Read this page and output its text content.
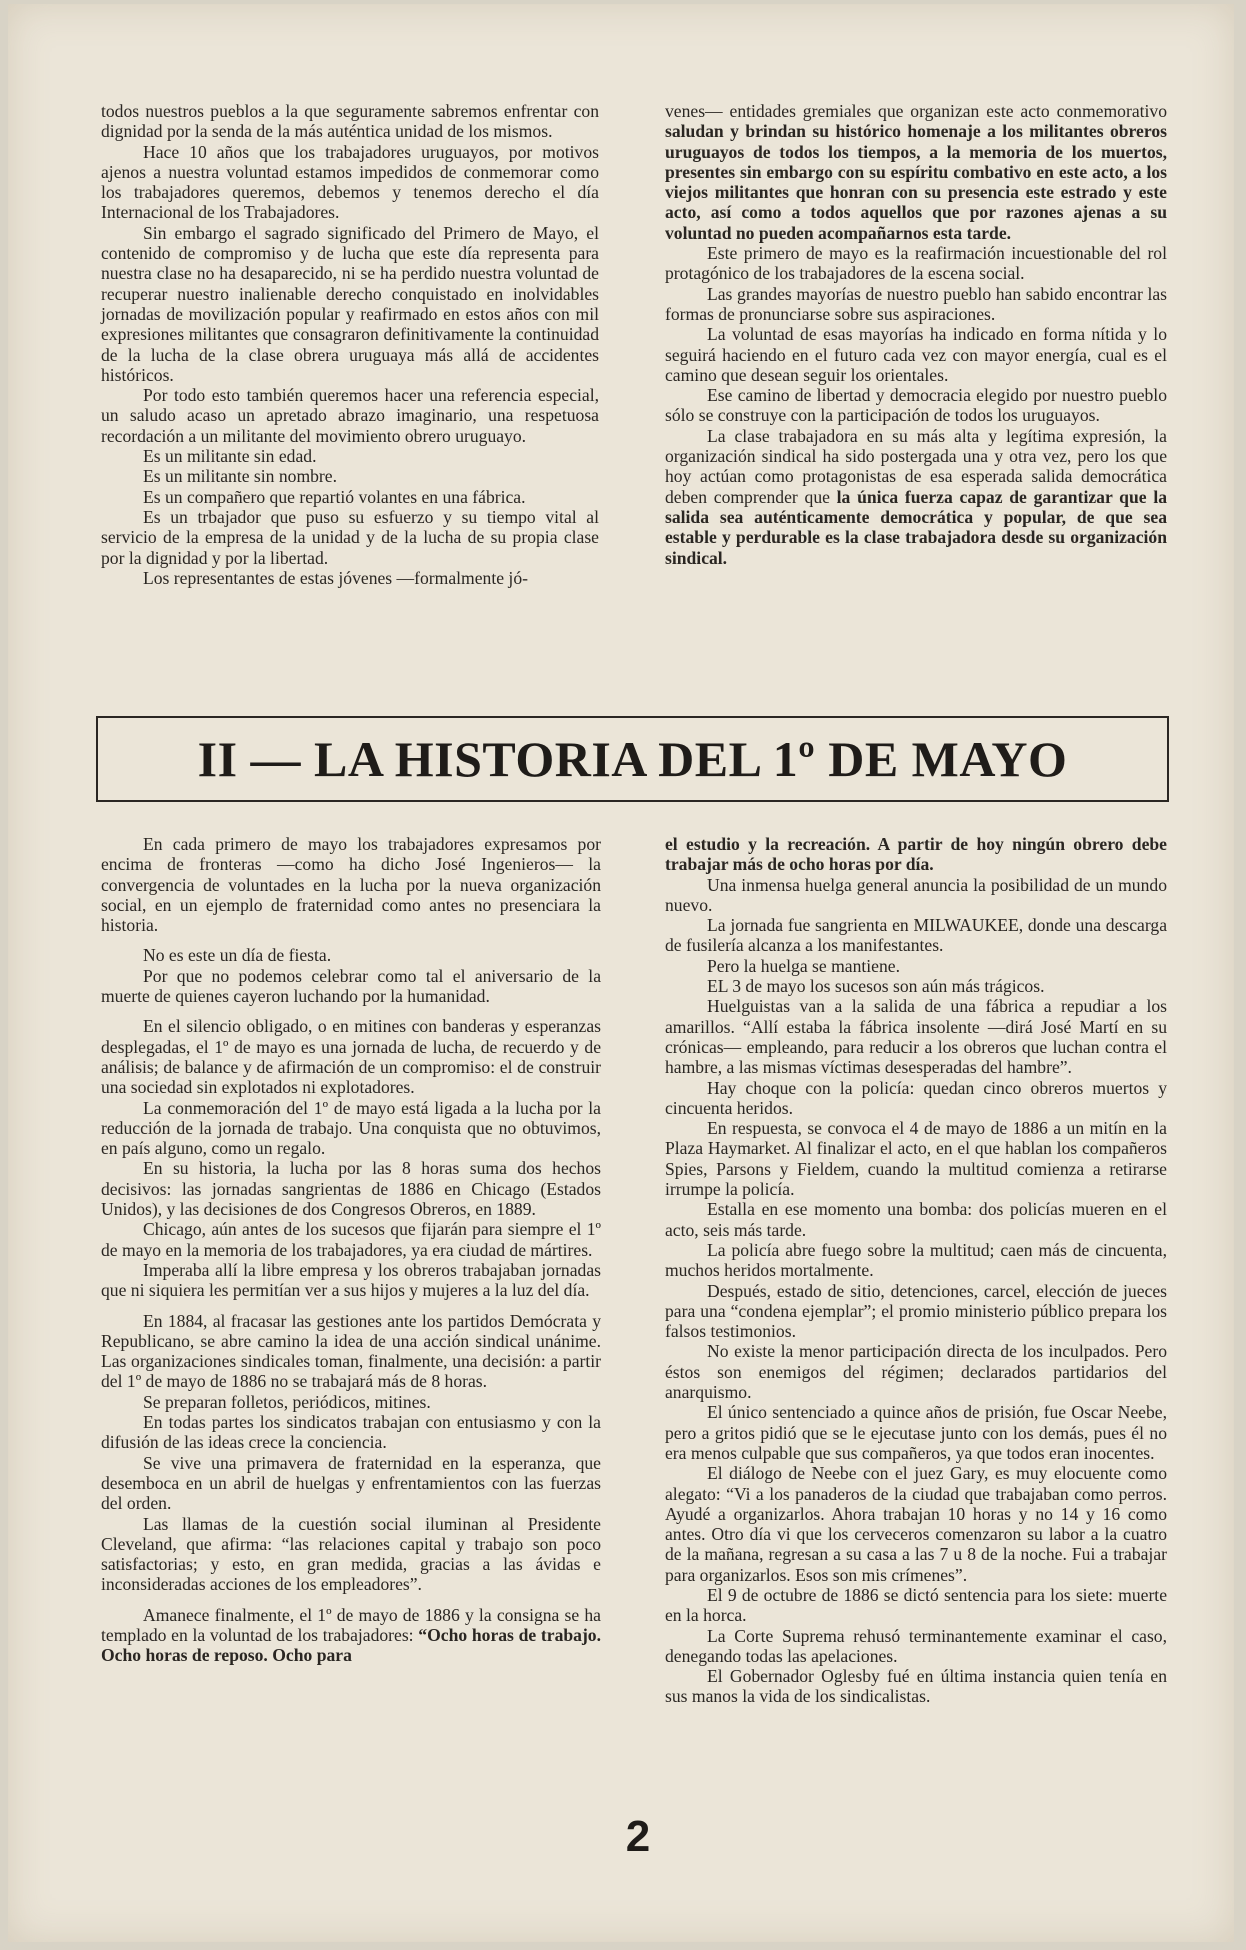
todos nuestros pueblos a la que seguramente sabremos enfrentar con dignidad por la senda de la más auténtica unidad de los mismos.

Hace 10 años que los trabajadores uruguayos, por motivos ajenos a nuestra voluntad estamos impedidos de conmemorar como los trabajadores queremos, debemos y tenemos derecho el día Internacional de los Trabajadores.

Sin embargo el sagrado significado del Primero de Mayo, el contenido de compromiso y de lucha que este día representa para nuestra clase no ha desaparecido, ni se ha perdido nuestra voluntad de recuperar nuestro inalienable derecho conquistado en inolvidables jornadas de movilización popular y reafirmado en estos años con mil expresiones militantes que consagraron definitivamente la continuidad de la lucha de la clase obrera uruguaya más allá de accidentes históricos.

Por todo esto también queremos hacer una referencia especial, un saludo acaso un apretado abrazo imaginario, una respetuosa recordación a un militante del movimiento obrero uruguayo.

Es un militante sin edad.

Es un militante sin nombre.

Es un compañero que repartió volantes en una fábrica.

Es un trbajador que puso su esfuerzo y su tiempo vital al servicio de la empresa de la unidad y de la lucha de su propia clase por la dignidad y por la libertad.

Los representantes de estas jóvenes —formalmente jó-

venes— entidades gremiales que organizan este acto conmemorativo saludan y brindan su histórico homenaje a los militantes obreros uruguayos de todos los tiempos, a la memoria de los muertos, presentes sin embargo con su espíritu combativo en este acto, a los viejos militantes que honran con su presencia este estrado y este acto, así como a todos aquellos que por razones ajenas a su voluntad no pueden acompañarnos esta tarde.

Este primero de mayo es la reafirmación incuestionable del rol protagónico de los trabajadores de la escena social.

Las grandes mayorías de nuestro pueblo han sabido encontrar las formas de pronunciarse sobre sus aspiraciones.

La voluntad de esas mayorías ha indicado en forma nítida y lo seguirá haciendo en el futuro cada vez con mayor energía, cual es el camino que desean seguir los orientales.

Ese camino de libertad y democracia elegido por nuestro pueblo sólo se construye con la participación de todos los uruguayos.

La clase trabajadora en su más alta y legítima expresión, la organización sindical ha sido postergada una y otra vez, pero los que hoy actúan como protagonistas de esa esperada salida democrática deben comprender que la única fuerza capaz de garantizar que la salida sea auténticamente democrática y popular, de que sea estable y perdurable es la clase trabajadora desde su organización sindical.

II — LA HISTORIA DEL 1º DE MAYO

En cada primero de mayo los trabajadores expresamos por encima de fronteras —como ha dicho José Ingenieros— la convergencia de voluntades en la lucha por la nueva organización social, en un ejemplo de fraternidad como antes no presenciara la historia.

No es este un día de fiesta.

Por que no podemos celebrar como tal el aniversario de la muerte de quienes cayeron luchando por la humanidad.

En el silencio obligado, o en mitines con banderas y esperanzas desplegadas, el 1º de mayo es una jornada de lucha, de recuerdo y de análisis; de balance y de afirmación de un compromiso: el de construir una sociedad sin explotados ni explotadores.

La conmemoración del 1º de mayo está ligada a la lucha por la reducción de la jornada de trabajo. Una conquista que no obtuvimos, en país alguno, como un regalo.

En su historia, la lucha por las 8 horas suma dos hechos decisivos: las jornadas sangrientas de 1886 en Chicago (Estados Unidos), y las decisiones de dos Congresos Obreros, en 1889.

Chicago, aún antes de los sucesos que fijarán para siempre el 1º de mayo en la memoria de los trabajadores, ya era ciudad de mártires.

Imperaba allí la libre empresa y los obreros trabajaban jornadas que ni siquiera les permitían ver a sus hijos y mujeres a la luz del día.

En 1884, al fracasar las gestiones ante los partidos Demócrata y Republicano, se abre camino la idea de una acción sindical unánime. Las organizaciones sindicales toman, finalmente, una decisión: a partir del 1º de mayo de 1886 no se trabajará más de 8 horas.

Se preparan folletos, periódicos, mitines.

En todas partes los sindicatos trabajan con entusiasmo y con la difusión de las ideas crece la conciencia.

Se vive una primavera de fraternidad en la esperanza, que desemboca en un abril de huelgas y enfrentamientos con las fuerzas del orden.

Las llamas de la cuestión social iluminan al Presidente Cleveland, que afirma: “las relaciones capital y trabajo son poco satisfactorias; y esto, en gran medida, gracias a las ávidas e inconsideradas acciones de los empleadores”.

Amanece finalmente, el 1º de mayo de 1886 y la consigna se ha templado en la voluntad de los trabajadores: “Ocho horas de trabajo. Ocho horas de reposo. Ocho para

el estudio y la recreación. A partir de hoy ningún obrero debe trabajar más de ocho horas por día.

Una inmensa huelga general anuncia la posibilidad de un mundo nuevo.

La jornada fue sangrienta en MILWAUKEE, donde una descarga de fusilería alcanza a los manifestantes.

Pero la huelga se mantiene.

EL 3 de mayo los sucesos son aún más trágicos.

Huelguistas van a la salida de una fábrica a repudiar a los amarillos. “Allí estaba la fábrica insolente —dirá José Martí en su crónicas— empleando, para reducir a los obreros que luchan contra el hambre, a las mismas víctimas desesperadas del hambre”.

Hay choque con la policía: quedan cinco obreros muertos y cincuenta heridos.

En respuesta, se convoca el 4 de mayo de 1886 a un mitín en la Plaza Haymarket. Al finalizar el acto, en el que hablan los compañeros Spies, Parsons y Fieldem, cuando la multitud comienza a retirarse irrumpe la policía.

Estalla en ese momento una bomba: dos policías mueren en el acto, seis más tarde.

La policía abre fuego sobre la multitud; caen más de cincuenta, muchos heridos mortalmente.

Después, estado de sitio, detenciones, carcel, elección de jueces para una “condena ejemplar”; el promio ministerio público prepara los falsos testimonios.

No existe la menor participación directa de los inculpados. Pero éstos son enemigos del régimen; declarados partidarios del anarquismo.

El único sentenciado a quince años de prisión, fue Oscar Neebe, pero a gritos pidió que se le ejecutase junto con los demás, pues él no era menos culpable que sus compañeros, ya que todos eran inocentes.

El diálogo de Neebe con el juez Gary, es muy elocuente como alegato: “Vi a los panaderos de la ciudad que trabajaban como perros. Ayudé a organizarlos. Ahora trabajan 10 horas y no 14 y 16 como antes. Otro día vi que los cerveceros comenzaron su labor a la cuatro de la mañana, regresan a su casa a las 7 u 8 de la noche. Fui a trabajar para organizarlos. Esos son mis crímenes”.

El 9 de octubre de 1886 se dictó sentencia para los siete: muerte en la horca.

La Corte Suprema rehusó terminantemente examinar el caso, denegando todas las apelaciones.

El Gobernador Oglesby fué en última instancia quien tenía en sus manos la vida de los sindicalistas.

2
